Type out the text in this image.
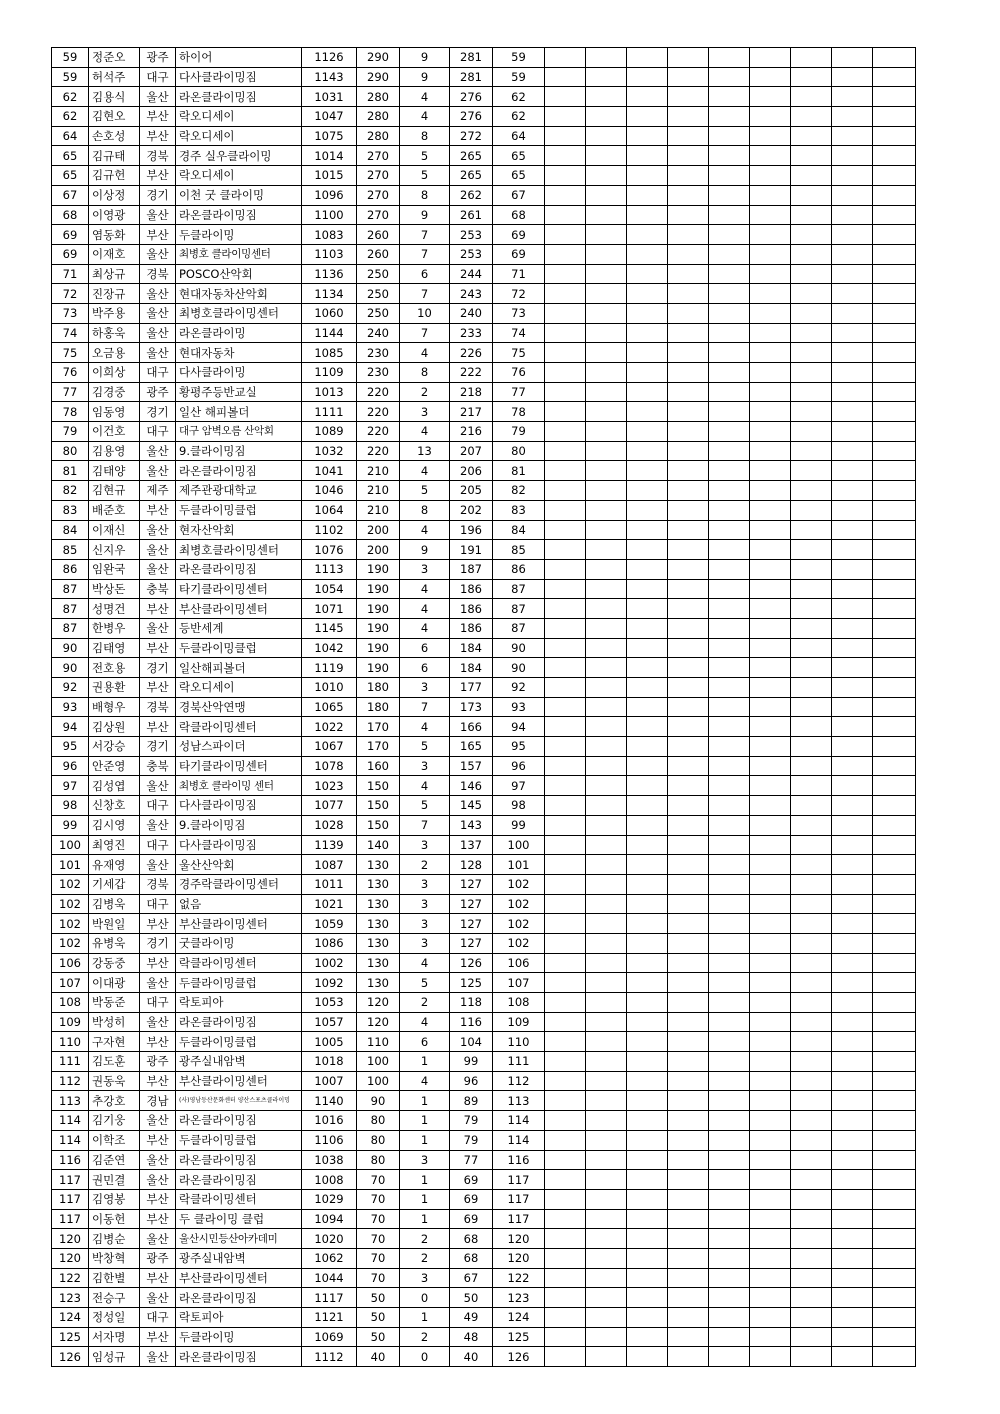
59	정준오	광주	하이어	1126	290	9	281	59									
59	허석주	대구	다사클라이밍짐	1143	290	9	281	59									
62	김용식	울산	라온클라이밍짐	1031	280	4	276	62									
62	김현오	부산	락오디세이	1047	280	4	276	62									
64	손호성	부산	락오디세이	1075	280	8	272	64									
65	김규태	경북	경주 실우클라이밍	1014	270	5	265	65									
65	김규헌	부산	락오디세이	1015	270	5	265	65									
67	이상정	경기	이천 굿 클라이밍	1096	270	8	262	67									
68	이영광	울산	라온클라이밍짐	1100	270	9	261	68									
69	염동화	부산	두클라이밍	1083	260	7	253	69									
69	이재호	울산	최병호 클라이밍센터	1103	260	7	253	69									
71	최상규	경북	POSCO산악회	1136	250	6	244	71									
72	진장규	울산	현대자동차산악회	1134	250	7	243	72									
73	박주용	울산	최병호클라이밍센터	1060	250	10	240	73									
74	하홍욱	울산	라온클라이밍	1144	240	7	233	74									
75	오금용	울산	현대자동차	1085	230	4	226	75									
76	이희상	대구	다사클라이밍	1109	230	8	222	76									
77	김경중	광주	황평주등반교실	1013	220	2	218	77									
78	임동영	경기	일산 해피볼더	1111	220	3	217	78									
79	이건호	대구	대구 암벽오름 산악회	1089	220	4	216	79									
80	김용영	울산	9.클라이밍짐	1032	220	13	207	80									
81	김태양	울산	라온클라이밍짐	1041	210	4	206	81									
82	김현규	제주	제주관광대학교	1046	210	5	205	82									
83	배준호	부산	두클라이밍클럽	1064	210	8	202	83									
84	이재신	울산	현자산악회	1102	200	4	196	84									
85	신지우	울산	최병호클라이밍센터	1076	200	9	191	85									
86	임완국	울산	라온클라이밍짐	1113	190	3	187	86									
87	박상돈	충북	타기클라이밍센터	1054	190	4	186	87									
87	성명건	부산	부산클라이밍센터	1071	190	4	186	87									
87	한병우	울산	등반세계	1145	190	4	186	87									
90	김태영	부산	두클라이밍클럽	1042	190	6	184	90									
90	전호용	경기	일산해피볼더	1119	190	6	184	90									
92	권용환	부산	락오디세이	1010	180	3	177	92									
93	배형우	경북	경북산악연맹	1065	180	7	173	93									
94	김상원	부산	락클라이밍센터	1022	170	4	166	94									
95	서강승	경기	성남스파이더	1067	170	5	165	95									
96	안준영	충북	타기클라이밍센터	1078	160	3	157	96									
97	김성엽	울산	최병호 클라이밍 센터	1023	150	4	146	97									
98	신창호	대구	다사클라이밍짐	1077	150	5	145	98									
99	김시영	울산	9.클라이밍짐	1028	150	7	143	99									
100	최영진	대구	다사클라이밍짐	1139	140	3	137	100									
101	유재영	울산	울산산악회	1087	130	2	128	101									
102	기세갑	경북	경주락클라이밍센터	1011	130	3	127	102									
102	김병욱	대구	없음	1021	130	3	127	102									
102	박원일	부산	부산클라이밍센터	1059	130	3	127	102									
102	유병욱	경기	굿클라이밍	1086	130	3	127	102									
106	강동중	부산	락클라이밍센터	1002	130	4	126	106									
107	이대광	울산	두클라이밍클럽	1092	130	5	125	107									
108	박동준	대구	락토피아	1053	120	2	118	108									
109	박성히	울산	라온클라이밍짐	1057	120	4	116	109									
110	구자현	부산	두클라이밍클럽	1005	110	6	104	110									
111	김도훈	광주	광주실내암벽	1018	100	1	99	111									
112	권동욱	부산	부산클라이밍센터	1007	100	4	96	112									
113	추강호	경남	(사)영남등산문화센터 양산스포츠클라이밍	1140	90	1	89	113									
114	김기웅	울산	라온클라이밍짐	1016	80	1	79	114									
114	이학조	부산	두클라이밍클럽	1106	80	1	79	114									
116	김준연	울산	라온클라이밍짐	1038	80	3	77	116									
117	권민결	울산	라온클라이밍짐	1008	70	1	69	117									
117	김영봉	부산	락클라이밍센터	1029	70	1	69	117									
117	이동헌	부산	두 클라이밍 클럽	1094	70	1	69	117									
120	김병순	울산	울산시민등산아카데미	1020	70	2	68	120									
120	박창혁	광주	광주실내암벽	1062	70	2	68	120									
122	김한별	부산	부산클라이밍센터	1044	70	3	67	122									
123	전승구	울산	라온클라이밍짐	1117	50	0	50	123									
124	정성일	대구	락토피아	1121	50	1	49	124									
125	서자명	부산	두클라이밍	1069	50	2	48	125									
126	임성규	울산	라온클라이밍짐	1112	40	0	40	126									
